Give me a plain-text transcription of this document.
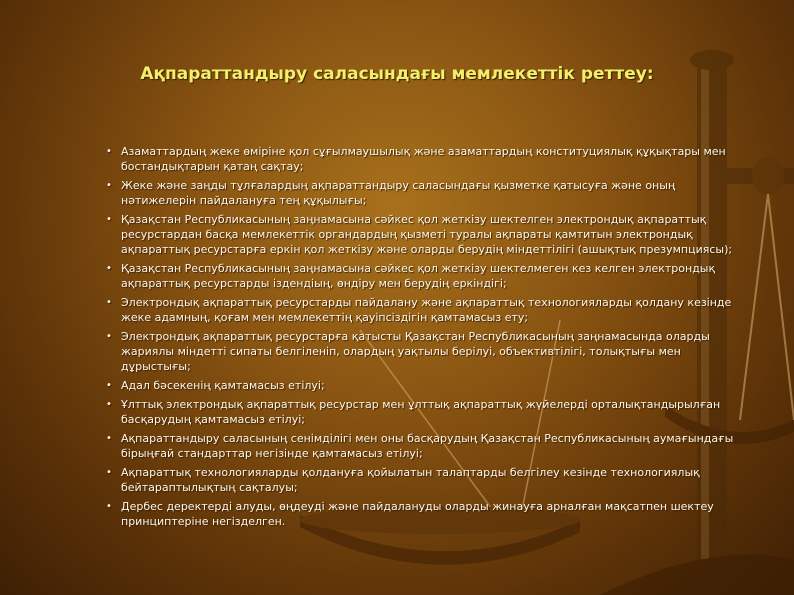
Ақпараттандыру саласындағы мемлекеттік реттеу:
• Азаматтардың жеке өміріне қол сұғылмаушылық және азаматтардың конституциялық құқықтары мен бостандықтарын қатаң сақтау;
• Жеке және заңды тұлғалардың ақпараттандыру саласындағы қызметке қатысуға және оның нәтижелерін пайдалануға тең құқылығы;
• Қазақстан Республикасының заңнамасына сәйкес қол жеткізу шектелген электрондық ақпараттық ресурстардан басқа мемлекеттік органдардың қызметі туралы ақпараты қамтитын электрондық ақпараттық ресурстарға еркін қол жеткізу және оларды берудің міндеттілігі (ашықтық презумпциясы);
• Қазақстан Республикасының заңнамасына сәйкес қол жеткізу шектелмеген кез келген электрондық ақпараттық ресурстарды іздендіың, өндіру мен берудің еркіндігі;
• Электрондық ақпараттық ресурстарды пайдалану және ақпараттық технологияларды қолдану кезінде жеке адамның, қоғам мен мемлекеттің қауіпсіздігін қамтамасыз ету;
• Электрондық ақпараттық ресурстарға қатысты Қазақстан Республикасының заңнамасында оларды жариялы міндетті сипаты белгіленіп, олардың уақтылы берілуі, объективтілігі, толықтығы мен дұрыстығы;
• Адал бәсекенің қамтамасыз етілуі;
• Ұлттық электрондық ақпараттық ресурстар мен ұлттық ақпараттық жүйелерді орталықтандырылған басқарудың қамтамасыз етілуі;
• Ақпараттандыру саласының сенімділігі мен оны басқарудың Қазақстан Республикасының аумағындағы бірыңғай стандарттар негізінде қамтамасыз етілуі;
• Ақпараттық технологияларды қолдануға қойылатын талаптарды белгілеу кезінде технологиялық бейтараптылықтың сақталуы;
• Дербес деректерді алуды, өңдеуді және пайдалануды оларды жинауға арналған мақсатпен шектеу принциптеріне негізделген.
